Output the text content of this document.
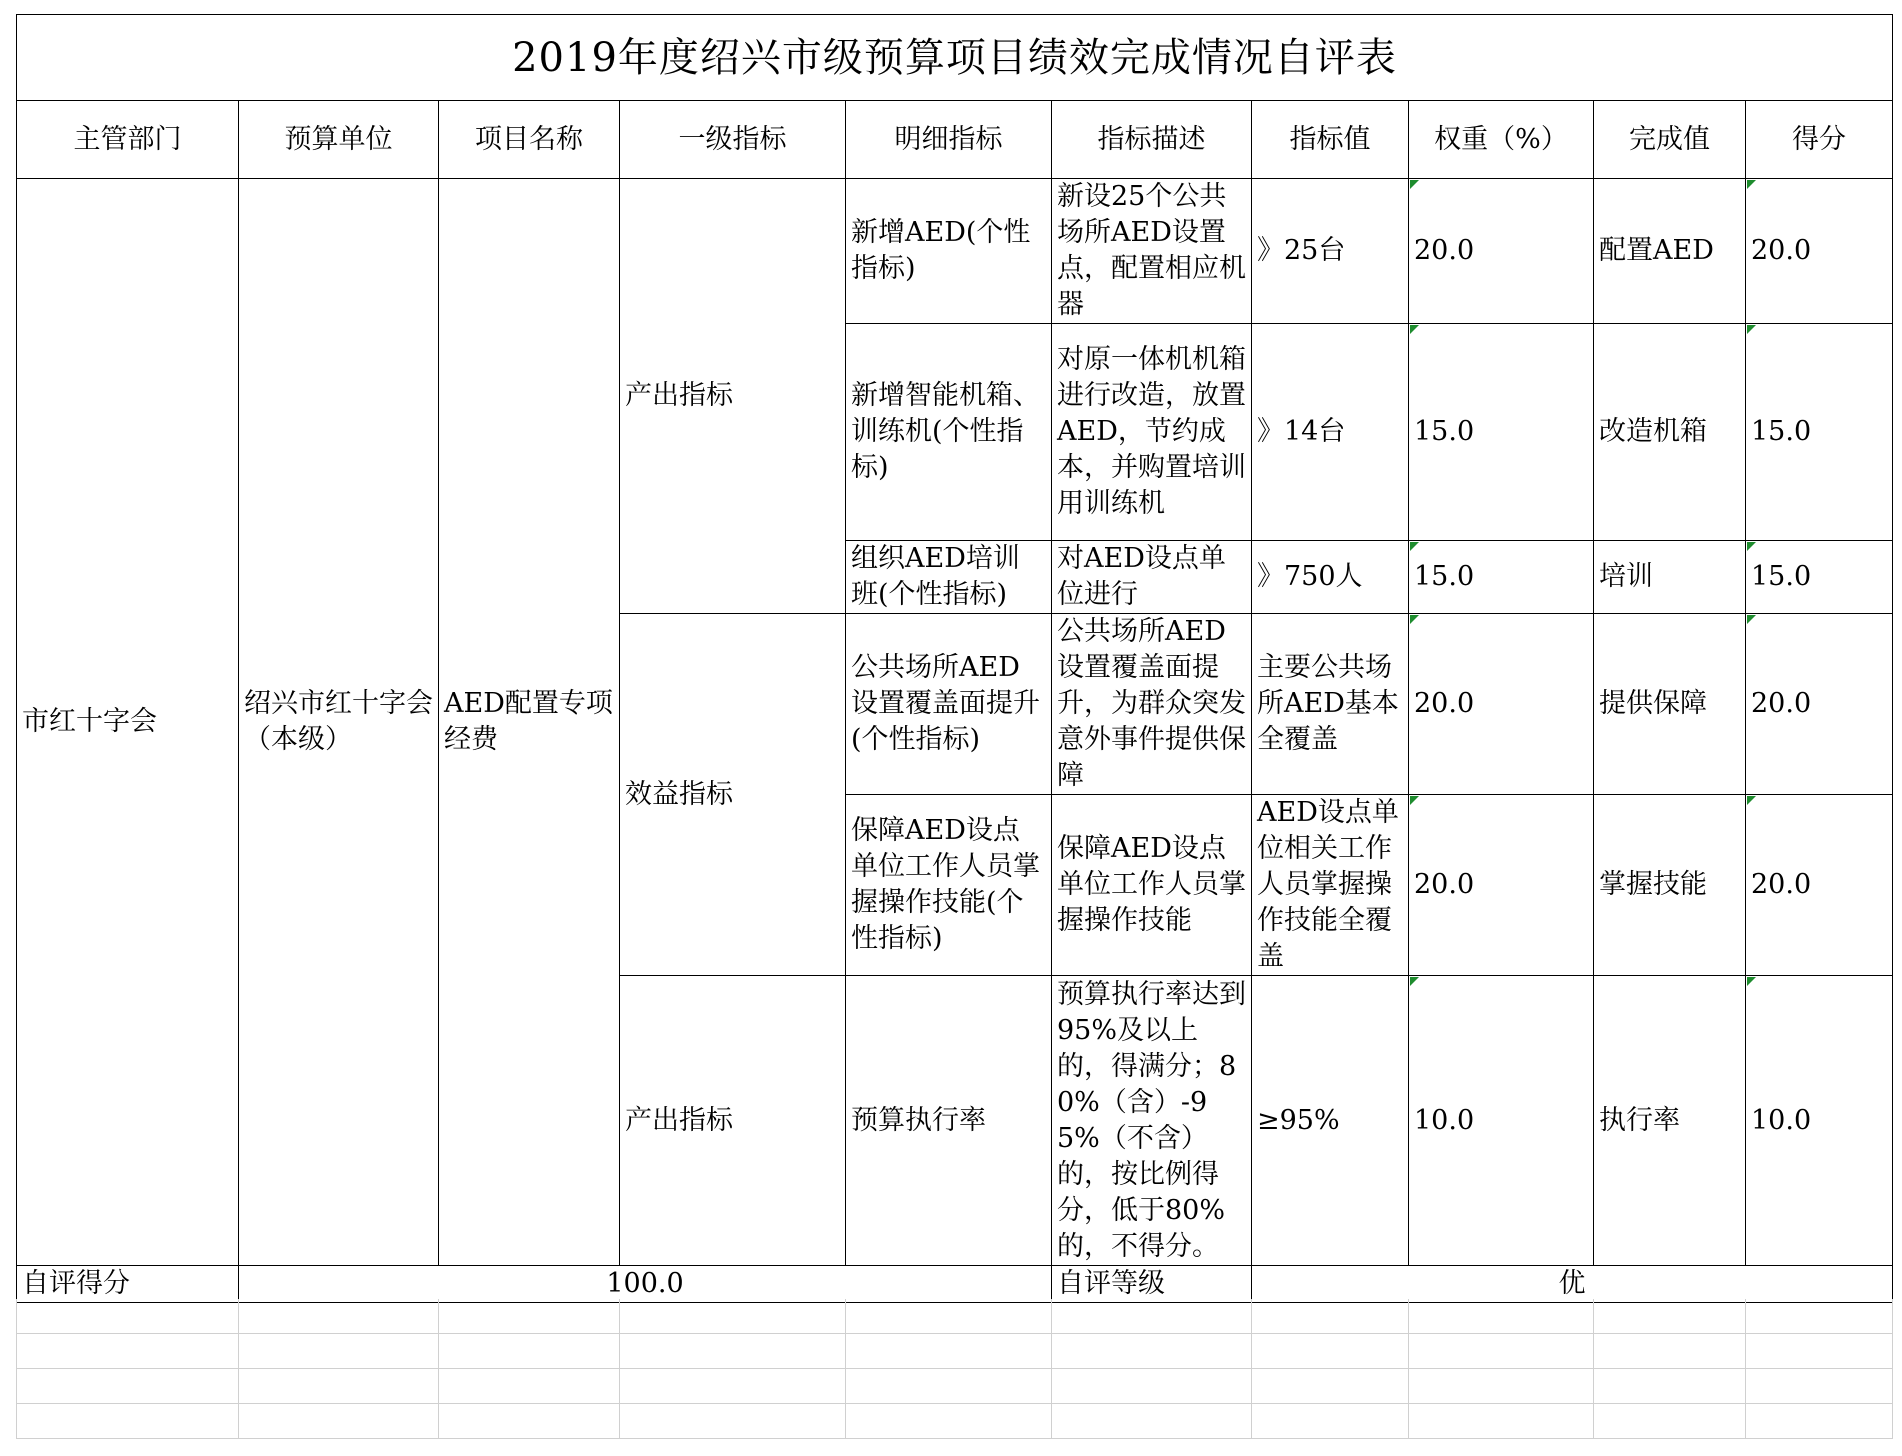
2019年度绍兴市级预算项目绩效完成情况自评表									
主管部门	预算单位	项目名称	一级指标	明细指标	指标描述	指标值	权重（%）	完成值	得分
市红十字会	绍兴市红十字会（本级）	AED配置专项经费	产出指标	新增AED(个性指标)	新设25个公共场所AED设置点，配置相应机器	》25台	20.0	配置AED	20.0
				新增智能机箱、训练机(个性指标)	对原一体机机箱进行改造，放置AED，节约成本，并购置培训用训练机	》14台	15.0	改造机箱	15.0
				组织AED培训班(个性指标)	对AED设点单位进行	》750人	15.0	培训	15.0
			效益指标	公共场所AED设置覆盖面提升(个性指标)	公共场所AED设置覆盖面提升，为群众突发意外事件提供保障	主要公共场所AED基本全覆盖	20.0	提供保障	20.0
				保障AED设点单位工作人员掌握操作技能(个性指标)	保障AED设点单位工作人员掌握操作技能	AED设点单位相关工作人员掌握操作技能全覆盖	20.0	掌握技能	20.0
			产出指标	预算执行率	预算执行率达到95%及以上的，得满分；80%（含）-95%（不含）的，按比例得分，低于80%的，不得分。	≥95%	10.0	执行率	10.0
自评得分	100.0				自评等级	优			
